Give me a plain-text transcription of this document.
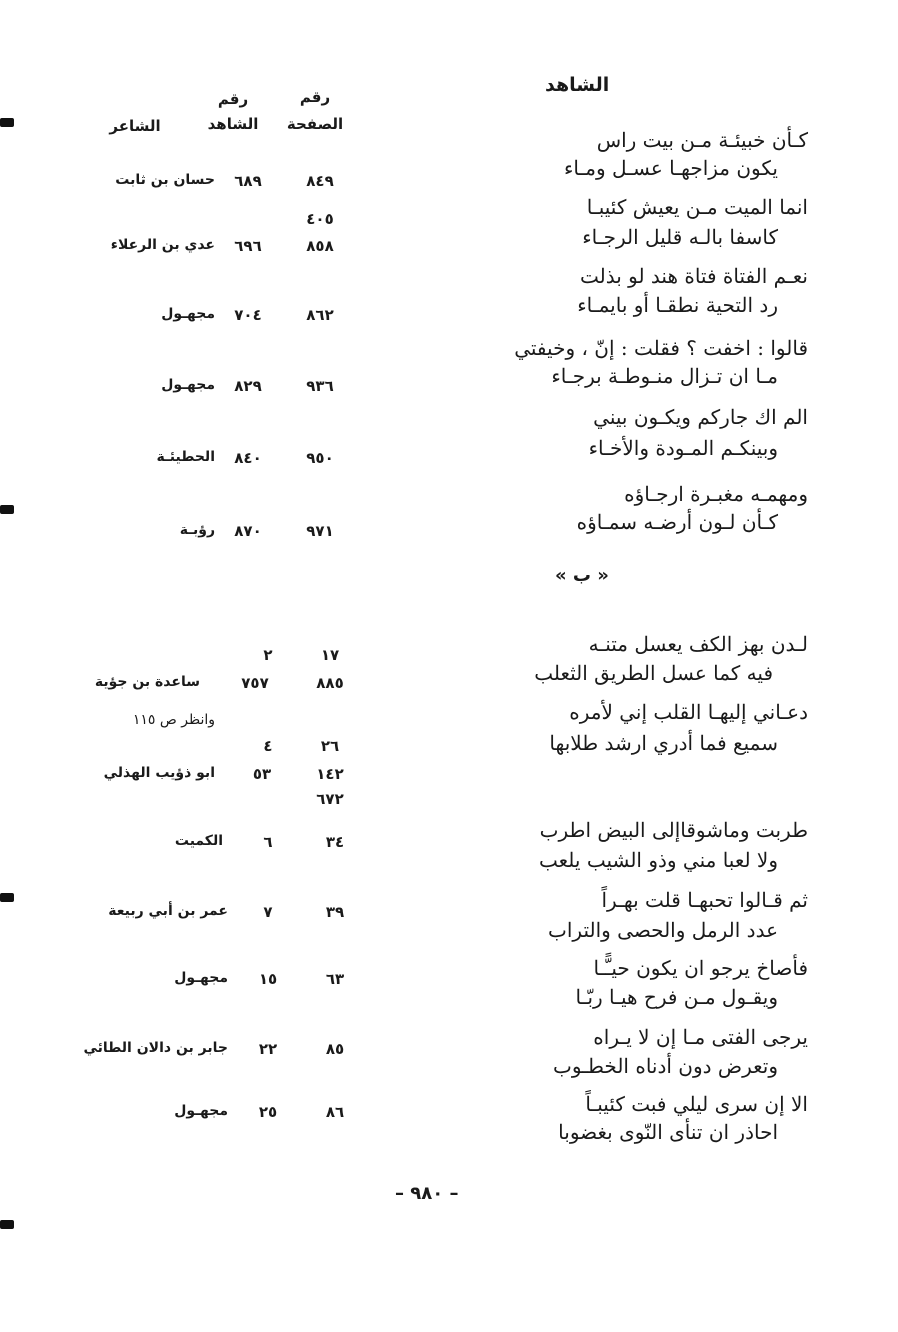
الشاهد
رقم
الصفحة
رقم
الشاهد
الشاعر
كـأن خبيئـة مـن بيت راس
يكون مزاجهـا عسـل ومـاء
٨٤٩
٦٨٩
حسان بن ثابت
انما الميت مـن يعيش كئيبـا
٤٠٥
كاسفا بالـه قليل الرجـاء
٨٥٨
٦٩٦
عدي بن الرعلاء
نعـم الفتاة فتاة هند لو بذلت
رد التحية نطقـا أو بايمـاء
٨٦٢
٧٠٤
مجهـول
قالوا : اخفت ؟ فقلت : إنّ ، وخيفتي
مـا ان تـزال منـوطـة برجـاء
٩٣٦
٨٢٩
مجهـول
الم اك جاركم ويكـون بيني
وبينكـم المـودة والأخـاء
٩٥٠
٨٤٠
الحطيئـة
ومهمـه مغبـرة ارجـاؤه
كـأن لـون أرضـه سمـاؤه
٩٧١
٨٧٠
رؤبـة
« ب »
لـدن بهز الكف يعسل متنـه
١٧
٢
فيه كما عسل الطريق الثعلب
٨٨٥
٧٥٧
ساعدة بن جؤية
وانظر ص ١١٥	دعـاني إليهـا القلب إني لأمره
سميع فما أدري ارشد طلابها
٢٦
٤
١٤٢
٥٣
ابو ذؤيب الهذلي
٦٧٢
طربت وماشوقاإلى البيض اطرب
٣٤
٦
الكميت
ولا لعبا مني وذو الشيب يلعب
ثم قـالوا تحبهـا قلت بهـراً
٣٩
٧
عمر بن أبي ربيعة
عدد الرمل والحصى والتراب
فأصاخ يرجو ان يكون حيـًّـا
٦٣
١٥
مجهـول
ويقـول مـن فرح هيـا ربّـا
يرجى الفتى مـا إن لا يـراه
٨٥
٢٢
جابر بن دالان الطائي
وتعرض دون أدناه الخطـوب
الا إن سرى ليلي فبت كئيبـاً
٨٦
٢٥
مجهـول
احاذر ان تنأى النّوى بغضوبا
– ٩٨٠ –
